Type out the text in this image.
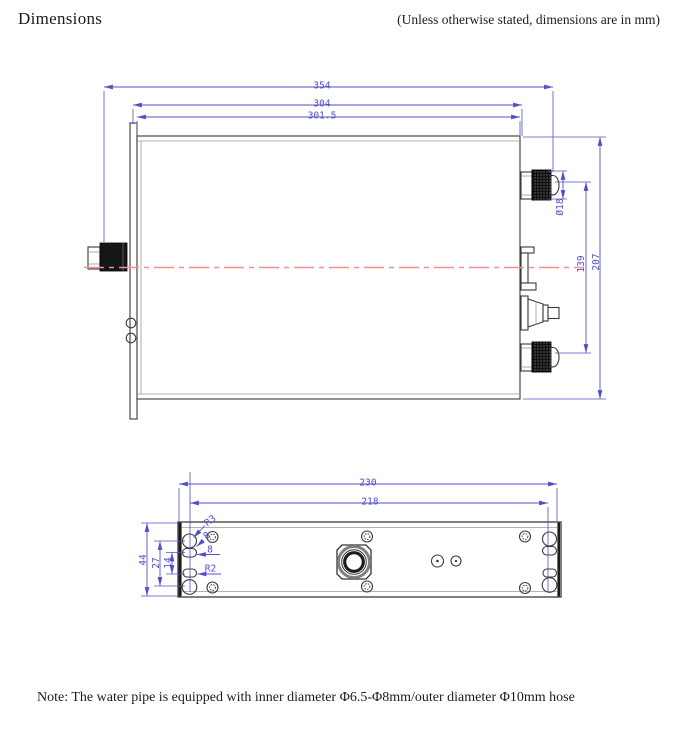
Dimensions	(Unless otherwise stated, dimensions are in mm)
354
304
301.5
Ø18
139 207
230
218
44 27 14
R3
8
8
R2
Note: The water pipe is equipped with inner diameter Φ6.5-Φ8mm/outer diameter Φ10mm hose
